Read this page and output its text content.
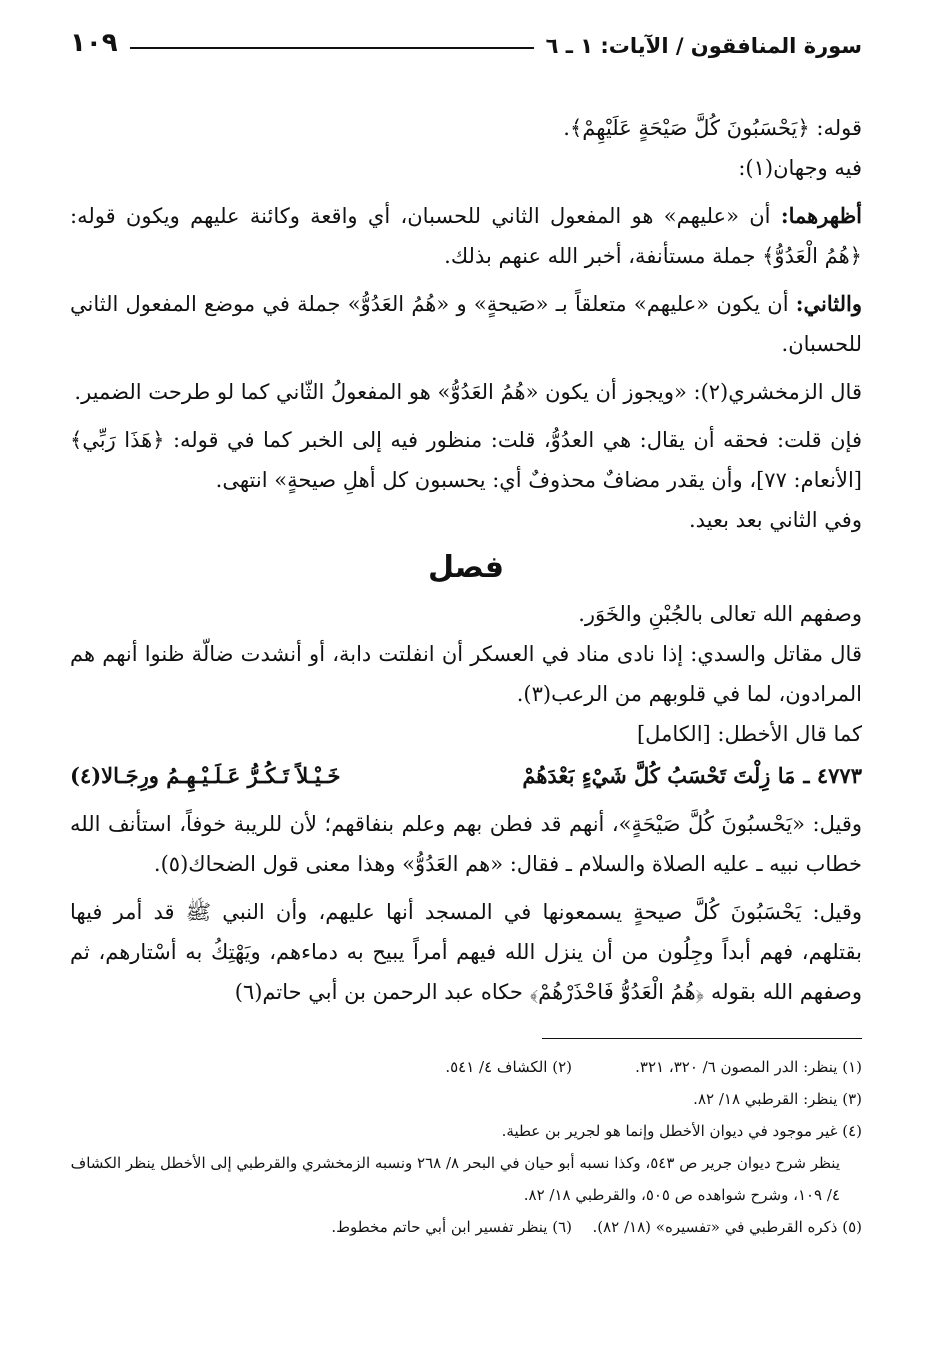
سورة المنافقون / الآيات: ١ ـ ٦
١٠٩

قوله: ﴿يَحْسَبُونَ كُلَّ صَيْحَةٍ عَلَيْهِمْ﴾.

فيه وجهان(١):

أظهرهما: أن «عليهم» هو المفعول الثاني للحسبان، أي واقعة وكائنة عليهم ويكون قوله: ﴿هُمُ الْعَدُوُّ﴾ جملة مستأنفة، أخبر الله عنهم بذلك.

والثاني: أن يكون «عليهم» متعلقاً بـ «صَيحةٍ» و «هُمُ العَدُوُّ» جملة في موضع المفعول الثاني للحسبان.

قال الزمخشري(٢): «ويجوز أن يكون «هُمُ العَدُوُّ» هو المفعولُ الثّاني كما لو طرحت الضمير.

فإن قلت: فحقه أن يقال: هي العدُوُّ، قلت: منظور فيه إلى الخبر كما في قوله: ﴿هَذَا رَبِّي﴾ [الأنعام: ٧٧]، وأن يقدر مضافٌ محذوفٌ أي: يحسبون كل أهلِ صيحةٍ» انتهى.

وفي الثاني بعد بعيد.

فصل

وصفهم الله تعالى بالجُبْنِ والخَوَر.

قال مقاتل والسدي: إذا نادى مناد في العسكر أن انفلتت دابة، أو أنشدت ضالّة ظنوا أنهم هم المرادون، لما في قلوبهم من الرعب(٣).

كما قال الأخطل: [الكامل]

٤٧٧٣ ـ
مَا زِلْتَ تَحْسَبُ كُلَّ شَيْءٍ بَعْدَهُمْ
خَـيْـلاً تَـكُـرُّ عَـلَـيْـهِـمُ ورِجَـالا(٤)

وقيل: «يَحْسبُونَ كُلَّ صَيْحَةٍ»، أنهم قد فطن بهم وعلم بنفاقهم؛ لأن للريبة خوفاً، استأنف الله خطاب نبيه ـ عليه الصلاة والسلام ـ فقال: «هم العَدُوُّ» وهذا معنى قول الضحاك(٥).

وقيل: يَحْسَبُونَ كُلَّ صيحةٍ يسمعونها في المسجد أنها عليهم، وأن النبي ﷺ قد أمر فيها بقتلهم، فهم أبداً وجِلُون من أن ينزل الله فيهم أمراً يبيح به دماءهم، ويَهْتِكُ به أسْتارهم، ثم وصفهم الله بقوله ﴿هُمُ الْعَدُوُّ فَاحْذَرْهُمْ﴾ حكاه عبد الرحمن بن أبي حاتم(٦)

(١) ينظر: الدر المصون ٦/ ٣٢٠، ٣٢١.
(٢) الكشاف ٤/ ٥٤١.
(٣) ينظر: القرطبي ١٨/ ٨٢.
(٤) غير موجود في ديوان الأخطل وإنما هو لجرير بن عطية.
ينظر شرح ديوان جرير ص ٥٤٣، وكذا نسبه أبو حيان في البحر ٨/ ٢٦٨ ونسبه الزمخشري والقرطبي إلى الأخطل ينظر الكشاف ٤/ ١٠٩، وشرح شواهده ص ٥٠٥، والقرطبي ١٨/ ٨٢.
(٥) ذكره القرطبي في «تفسيره» (١٨/ ٨٢).
(٦) ينظر تفسير ابن أبي حاتم مخطوط.
